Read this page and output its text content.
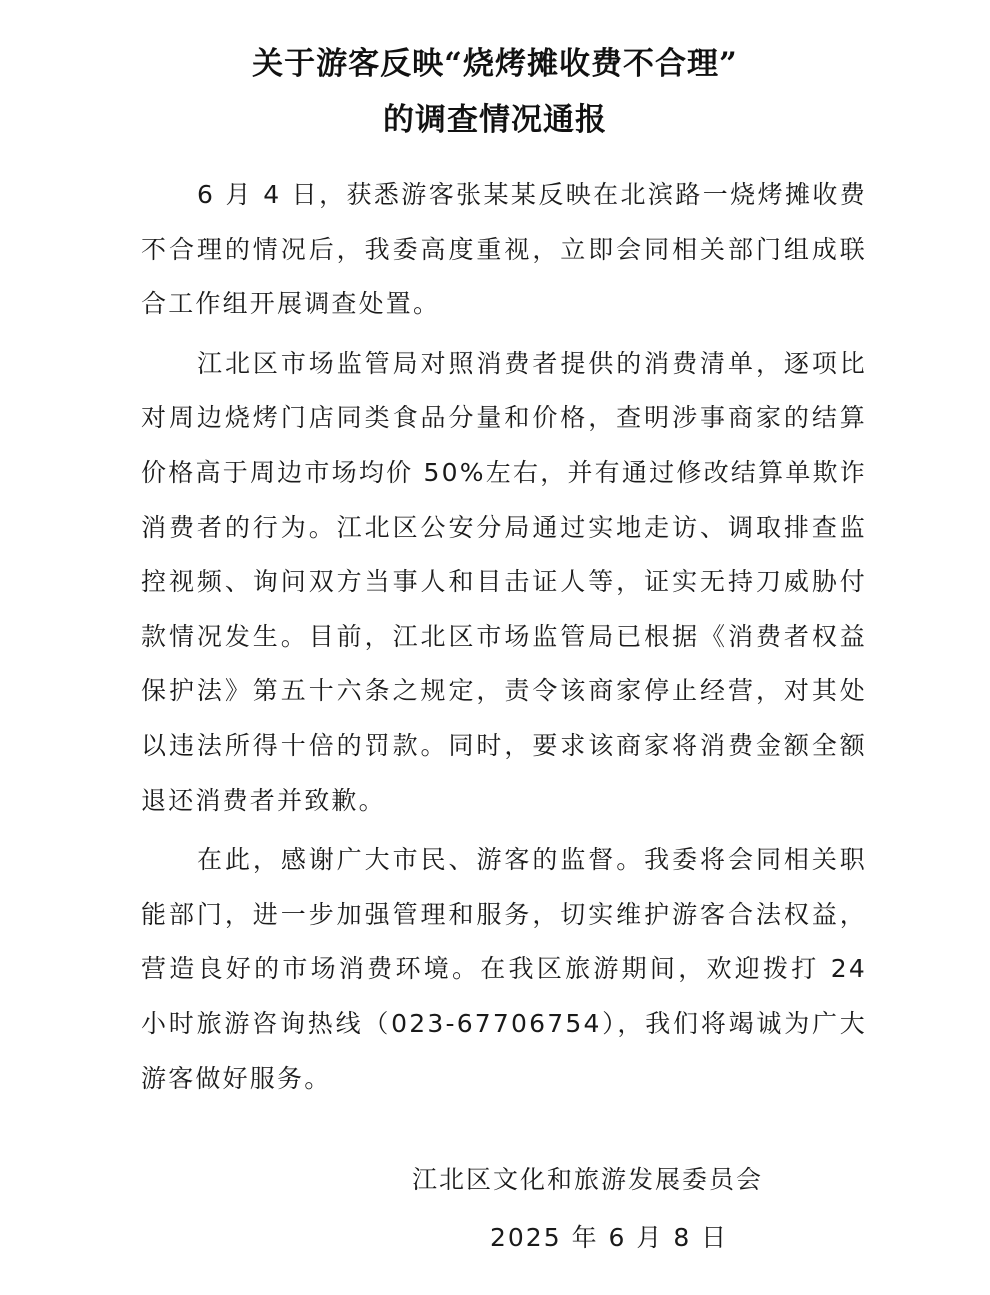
关于游客反映“烧烤摊收费不合理”
的调查情况通报

6 月 4 日，获悉游客张某某反映在北滨路一烧烤摊收费不合理的情况后，我委高度重视，立即会同相关部门组成联合工作组开展调查处置。

江北区市场监管局对照消费者提供的消费清单，逐项比对周边烧烤门店同类食品分量和价格，查明涉事商家的结算价格高于周边市场均价 50%左右，并有通过修改结算单欺诈消费者的行为。江北区公安分局通过实地走访、调取排查监控视频、询问双方当事人和目击证人等，证实无持刀威胁付款情况发生。目前，江北区市场监管局已根据《消费者权益保护法》第五十六条之规定，责令该商家停止经营，对其处以违法所得十倍的罚款。同时，要求该商家将消费金额全额退还消费者并致歉。

在此，感谢广大市民、游客的监督。我委将会同相关职能部门，进一步加强管理和服务，切实维护游客合法权益，营造良好的市场消费环境。在我区旅游期间，欢迎拨打 24 小时旅游咨询热线（023-67706754），我们将竭诚为广大游客做好服务。

江北区文化和旅游发展委员会
2025 年 6 月 8 日
